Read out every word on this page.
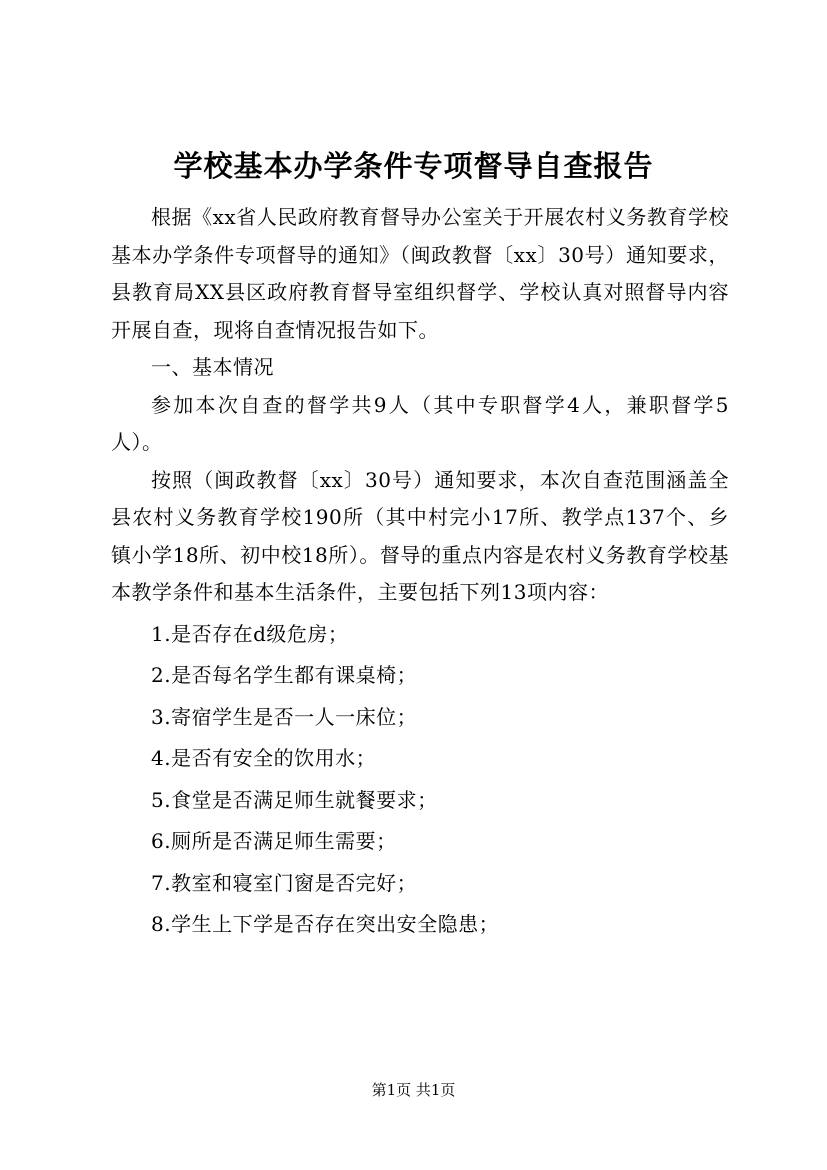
学校基本办学条件专项督导自查报告

根据《xx省人民政府教育督导办公室关于开展农村义务教育学校基本办学条件专项督导的通知》（闽政教督〔xx〕30号）通知要求，县教育局XX县区政府教育督导室组织督学、学校认真对照督导内容开展自查，现将自查情况报告如下。

一、基本情况

参加本次自查的督学共9人（其中专职督学4人，兼职督学5人）。

按照（闽政教督〔xx〕30号）通知要求，本次自查范围涵盖全县农村义务教育学校190所（其中村完小17所、教学点137个、乡镇小学18所、初中校18所）。督导的重点内容是农村义务教育学校基本教学条件和基本生活条件，主要包括下列13项内容：

1.是否存在d级危房；

2.是否每名学生都有课桌椅；

3.寄宿学生是否一人一床位；

4.是否有安全的饮用水；

5.食堂是否满足师生就餐要求；

6.厕所是否满足师生需要；

7.教室和寝室门窗是否完好；

8.学生上下学是否存在突出安全隐患；

第1页 共1页
